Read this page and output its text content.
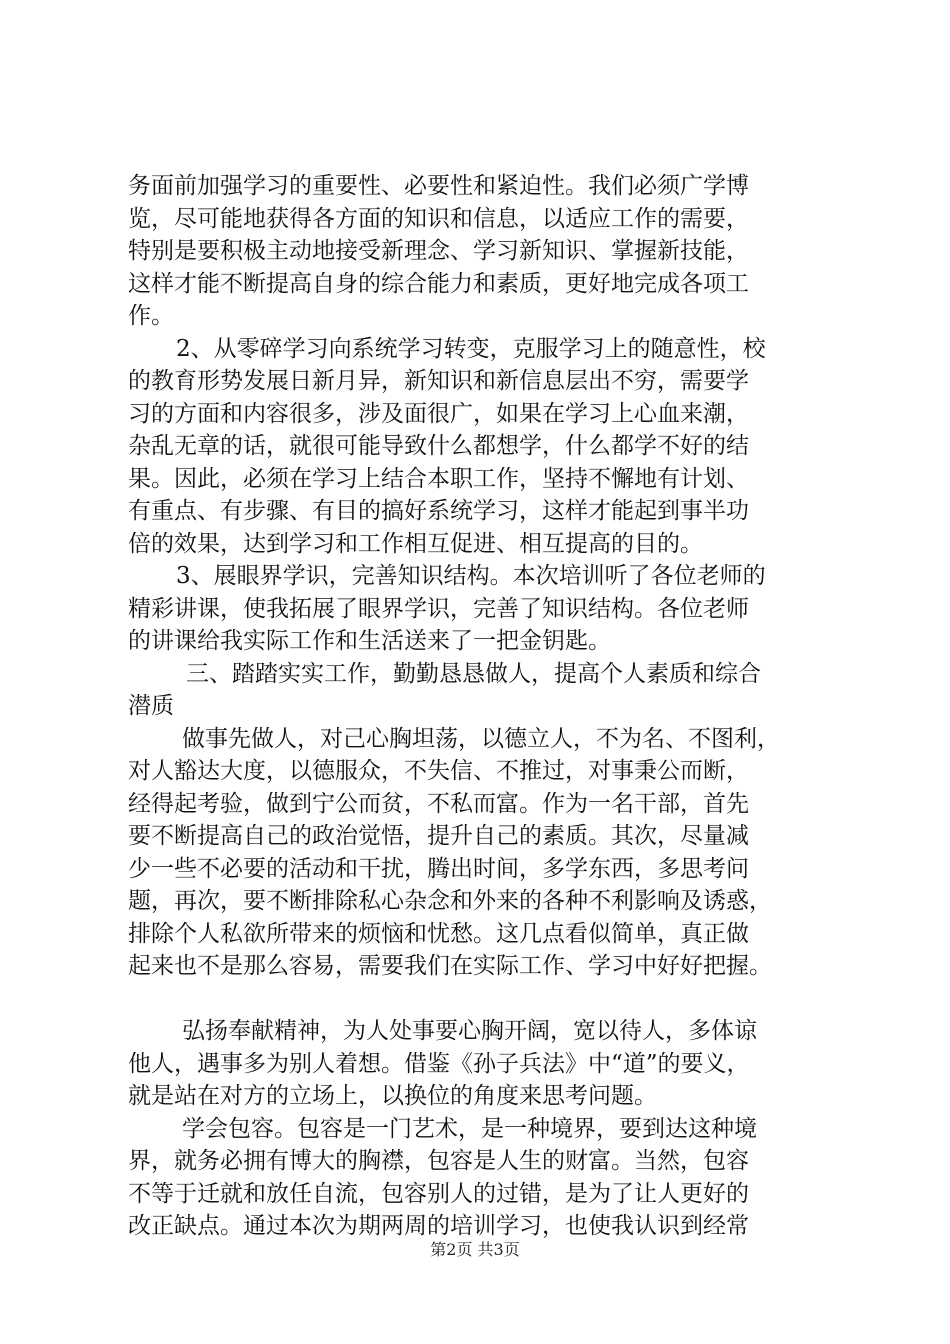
务面前加强学习的重要性、必要性和紧迫性。我们必须广学博
览，尽可能地获得各方面的知识和信息，以适应工作的需要，
特别是要积极主动地接受新理念、学习新知识、掌握新技能，
这样才能不断提高自身的综合能力和素质，更好地完成各项工
作。
2、从零碎学习向系统学习转变，克服学习上的随意性，校
的教育形势发展日新月异，新知识和新信息层出不穷，需要学
习的方面和内容很多，涉及面很广，如果在学习上心血来潮，
杂乱无章的话，就很可能导致什么都想学，什么都学不好的结
果。因此，必须在学习上结合本职工作，坚持不懈地有计划、
有重点、有步骤、有目的搞好系统学习，这样才能起到事半功
倍的效果，达到学习和工作相互促进、相互提高的目的。
3、展眼界学识，完善知识结构。本次培训听了各位老师的
精彩讲课，使我拓展了眼界学识，完善了知识结构。各位老师
的讲课给我实际工作和生活送来了一把金钥匙。
三、踏踏实实工作，勤勤恳恳做人，提高个人素质和综合
潜质
做事先做人，对己心胸坦荡，以德立人，不为名、不图利，
对人豁达大度，以德服众，不失信、不推过，对事秉公而断，
经得起考验，做到宁公而贫，不私而富。作为一名干部，首先
要不断提高自己的政治觉悟，提升自己的素质。其次，尽量减
少一些不必要的活动和干扰，腾出时间，多学东西，多思考问
题，再次，要不断排除私心杂念和外来的各种不利影响及诱惑，
排除个人私欲所带来的烦恼和忧愁。这几点看似简单，真正做
起来也不是那么容易，需要我们在实际工作、学习中好好把握。
弘扬奉献精神，为人处事要心胸开阔，宽以待人，多体谅
他人，遇事多为别人着想。借鉴《孙子兵法》中“道”的要义，
就是站在对方的立场上，以换位的角度来思考问题。
学会包容。包容是一门艺术，是一种境界，要到达这种境
界，就务必拥有博大的胸襟，包容是人生的财富。当然，包容
不等于迁就和放任自流，包容别人的过错，是为了让人更好的
改正缺点。通过本次为期两周的培训学习，也使我认识到经常
第2页 共3页
